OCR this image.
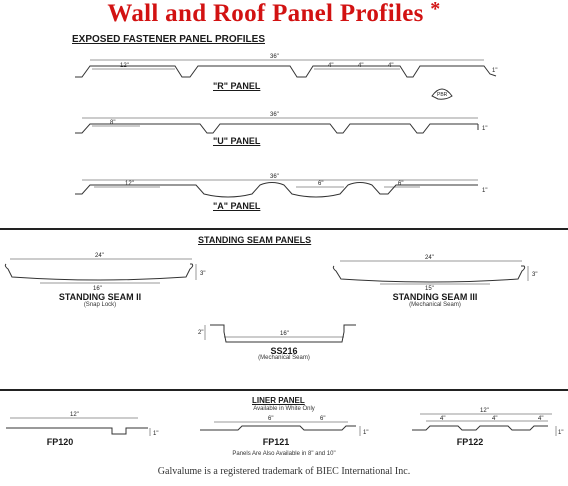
Wall and Roof Panel Profiles *
EXPOSED FASTENER PANEL PROFILES
36"
12"	4"	4"	4"
1"
PBR
36"
8"
1"
36"
12"	6"	6"
1"
24"
16"
3"
24"
15"
3"
16"
2"
12"
1"
6"	6"
1"
12"
4"	4"	4"
1"
"R" PANEL
"U" PANEL
"A" PANEL
STANDING SEAM PANELS
STANDING SEAM II
(Snap Lock)
STANDING SEAM III
(Mechanical Seam)
SS216
(Mechanical Seam)
LINER PANEL
Available in White Only
FP120	FP121	FP122
Panels Are Also Available in 8" and 10"
Galvalume is a registered trademark of BIEC International Inc.
